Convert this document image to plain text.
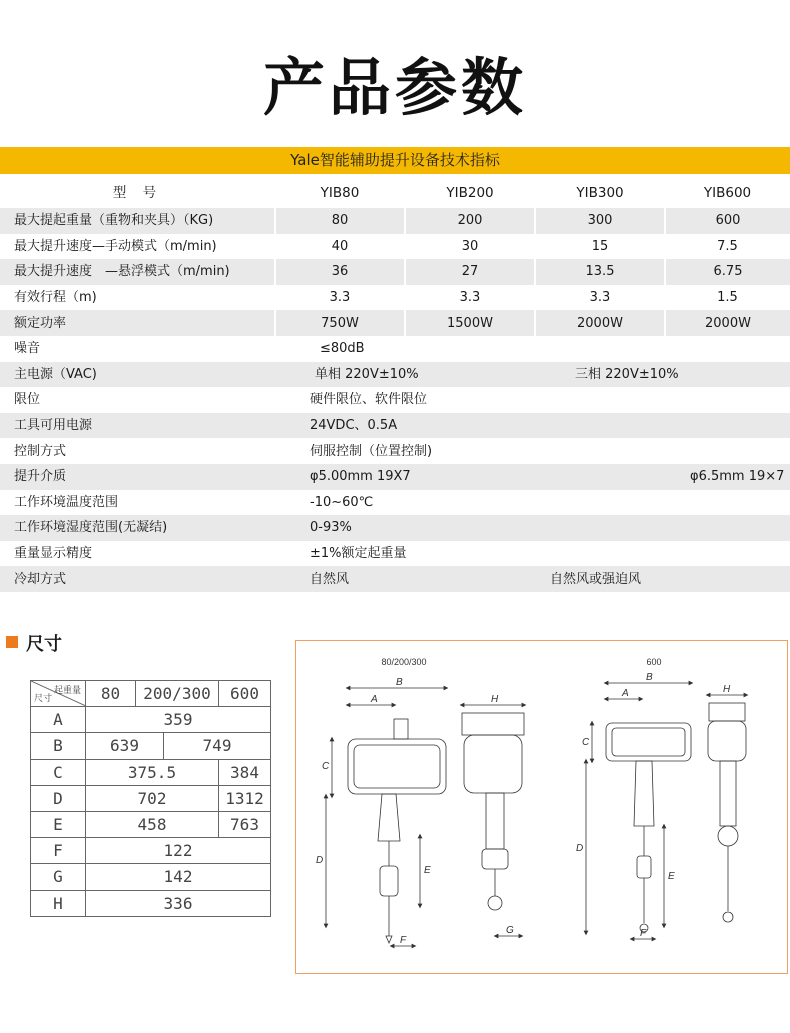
产品参数
Yale智能辅助提升设备技术指标
型 号	YIB80	YIB200	YIB300	YIB600
最大提起重量（重物和夹具）（KG)	80	200	300	600
最大提升速度—手动模式（m/min)	40	30	15	7.5
最大提升速度　—悬浮模式（m/min)	36	27	13.5	6.75
有效行程（m)	3.3	3.3	3.3	1.5
额定功率	750W	1500W	2000W	2000W
噪音	≤80dB			
主电源（VAC)	单相 220V±10%		三相 220V±10%	
限位	硬件限位、软件限位			
工具可用电源	24VDC、0.5A			
控制方式	伺服控制（位置控制)			
提升介质	φ5.00mm 19X7			φ6.5mm 19×7
工作环境温度范围	-10~60℃			
工作环境湿度范围(无凝结)	0-93%			
重量显示精度	±1%额定起重量			
冷却方式	自然风		自然风或强迫风	
尺寸
起重量
尺寸	80	200/300		600
A	359			
B	639		749	
C	375.5			384
D	702			1312
E	458			763
F	122			
G	142			
H	336			
80/200/300	600
B
A
C
D
E
F
H
G
B
A
C
D
E
F
H
